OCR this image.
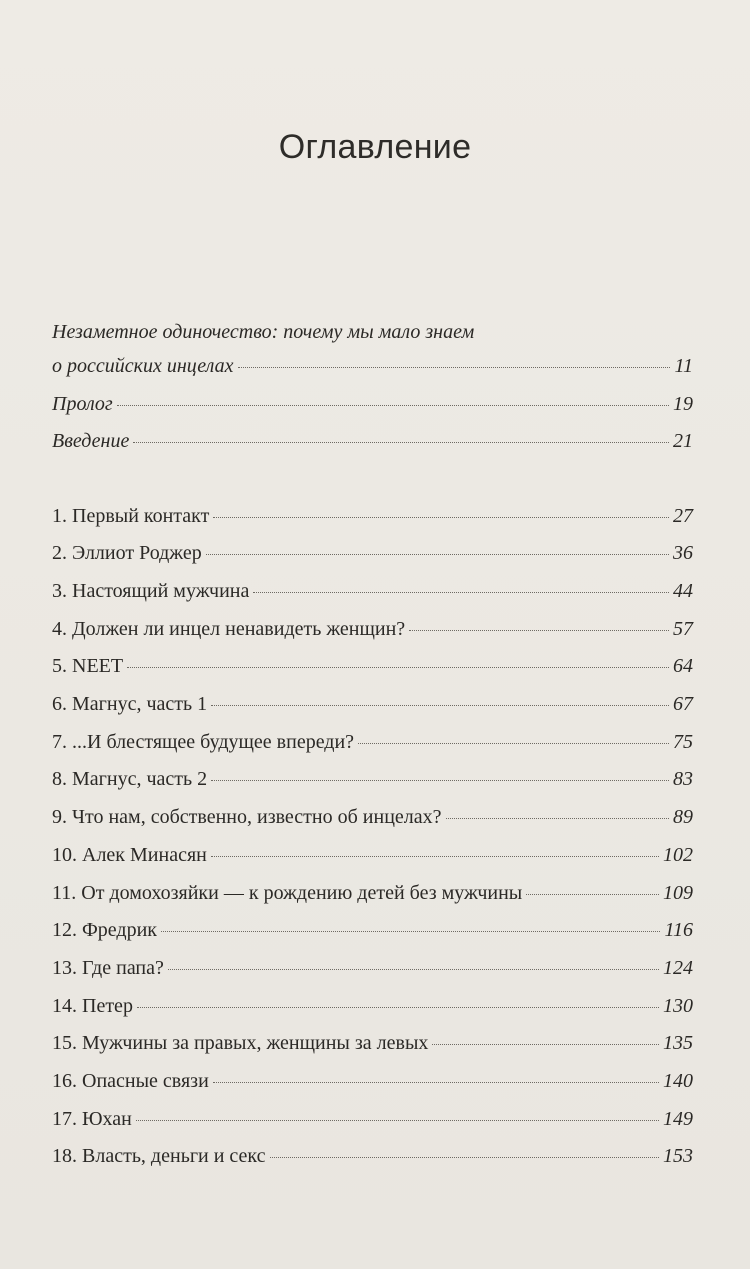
Оглавление
Незаметное одиночество: почему мы мало знаем
о российских инцелах	11
Пролог	19
Введение	21
1. Первый контакт	27
2. Эллиот Роджер	36
3. Настоящий мужчина	44
4. Должен ли инцел ненавидеть женщин?	57
5. NEET	64
6. Магнус, часть 1	67
7. ...И блестящее будущее впереди?	75
8. Магнус, часть 2	83
9. Что нам, собственно, известно об инцелах?	89
10. Алек Минасян	102
11. От домохозяйки — к рождению детей без мужчины	109
12. Фредрик	116
13. Где папа?	124
14. Петер	130
15. Мужчины за правых, женщины за левых	135
16. Опасные связи	140
17. Юхан	149
18. Власть, деньги и секс	153
